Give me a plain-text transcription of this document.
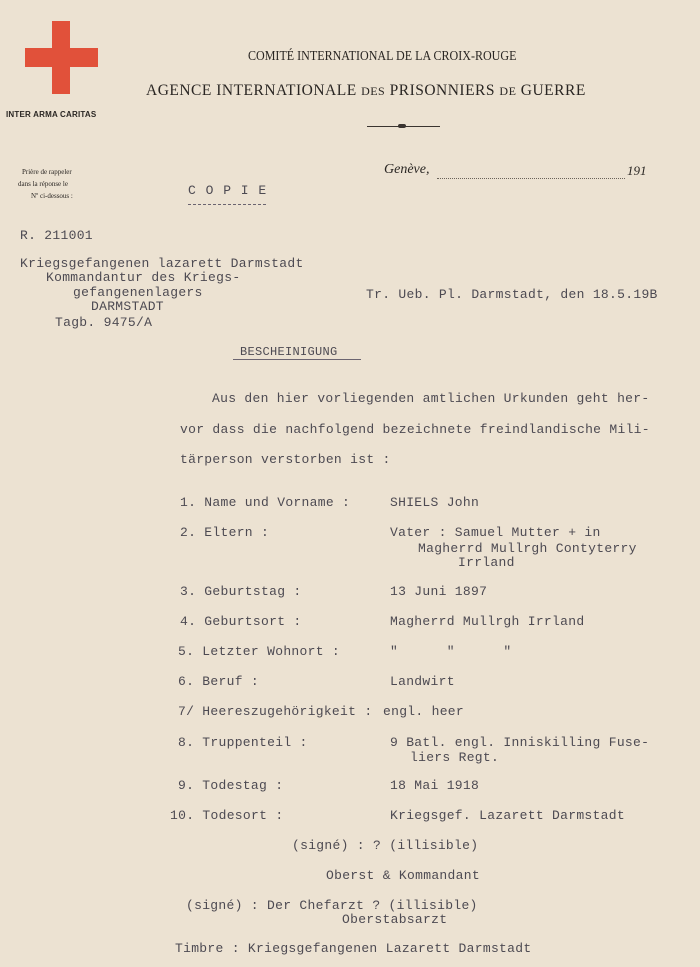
INTER ARMA CARITAS
COMITÉ INTERNATIONAL DE LA CROIX-ROUGE
AGENCE INTERNATIONALE DES PRISONNIERS DE GUERRE
Prière de rappeler
dans la réponse le
Nº ci-dessous :
Genève,	191
C O P I E
R. 211001
Kriegsgefangenen lazarett Darmstadt
Kommandantur des Kriegs-
gefangenenlagers
DARMSTADT
Tagb. 9475/A
Tr. Ueb. Pl. Darmstadt, den 18.5.19B
BESCHEINIGUNG
Aus den hier vorliegenden amtlichen Urkunden geht her-
vor dass die nachfolgend bezeichnete freindlandische Mili-
tärperson verstorben ist :
1. Name und Vorname :	SHIELS John
2. Eltern :	Vater : Samuel Mutter + in
Magherrd Mullrgh Contyterry
Irrland
3. Geburtstag :	13 Juni 1897
4. Geburtsort :	Magherrd Mullrgh Irrland
5. Letzter Wohnort :	"      "      "
6. Beruf :	Landwirt
7/ Heereszugehörigkeit : engl. heer
8. Truppenteil :	9 Batl. engl. Inniskilling Fuse-
liers Regt.
9. Todestag :	18 Mai 1918
10. Todesort :	Kriegsgef. Lazarett Darmstadt
(signé) : ? (illisible)
Oberst & Kommandant
(signé) : Der Chefarzt ? (illisible)
Oberstabsarzt
Timbre : Kriegsgefangenen Lazarett Darmstadt
